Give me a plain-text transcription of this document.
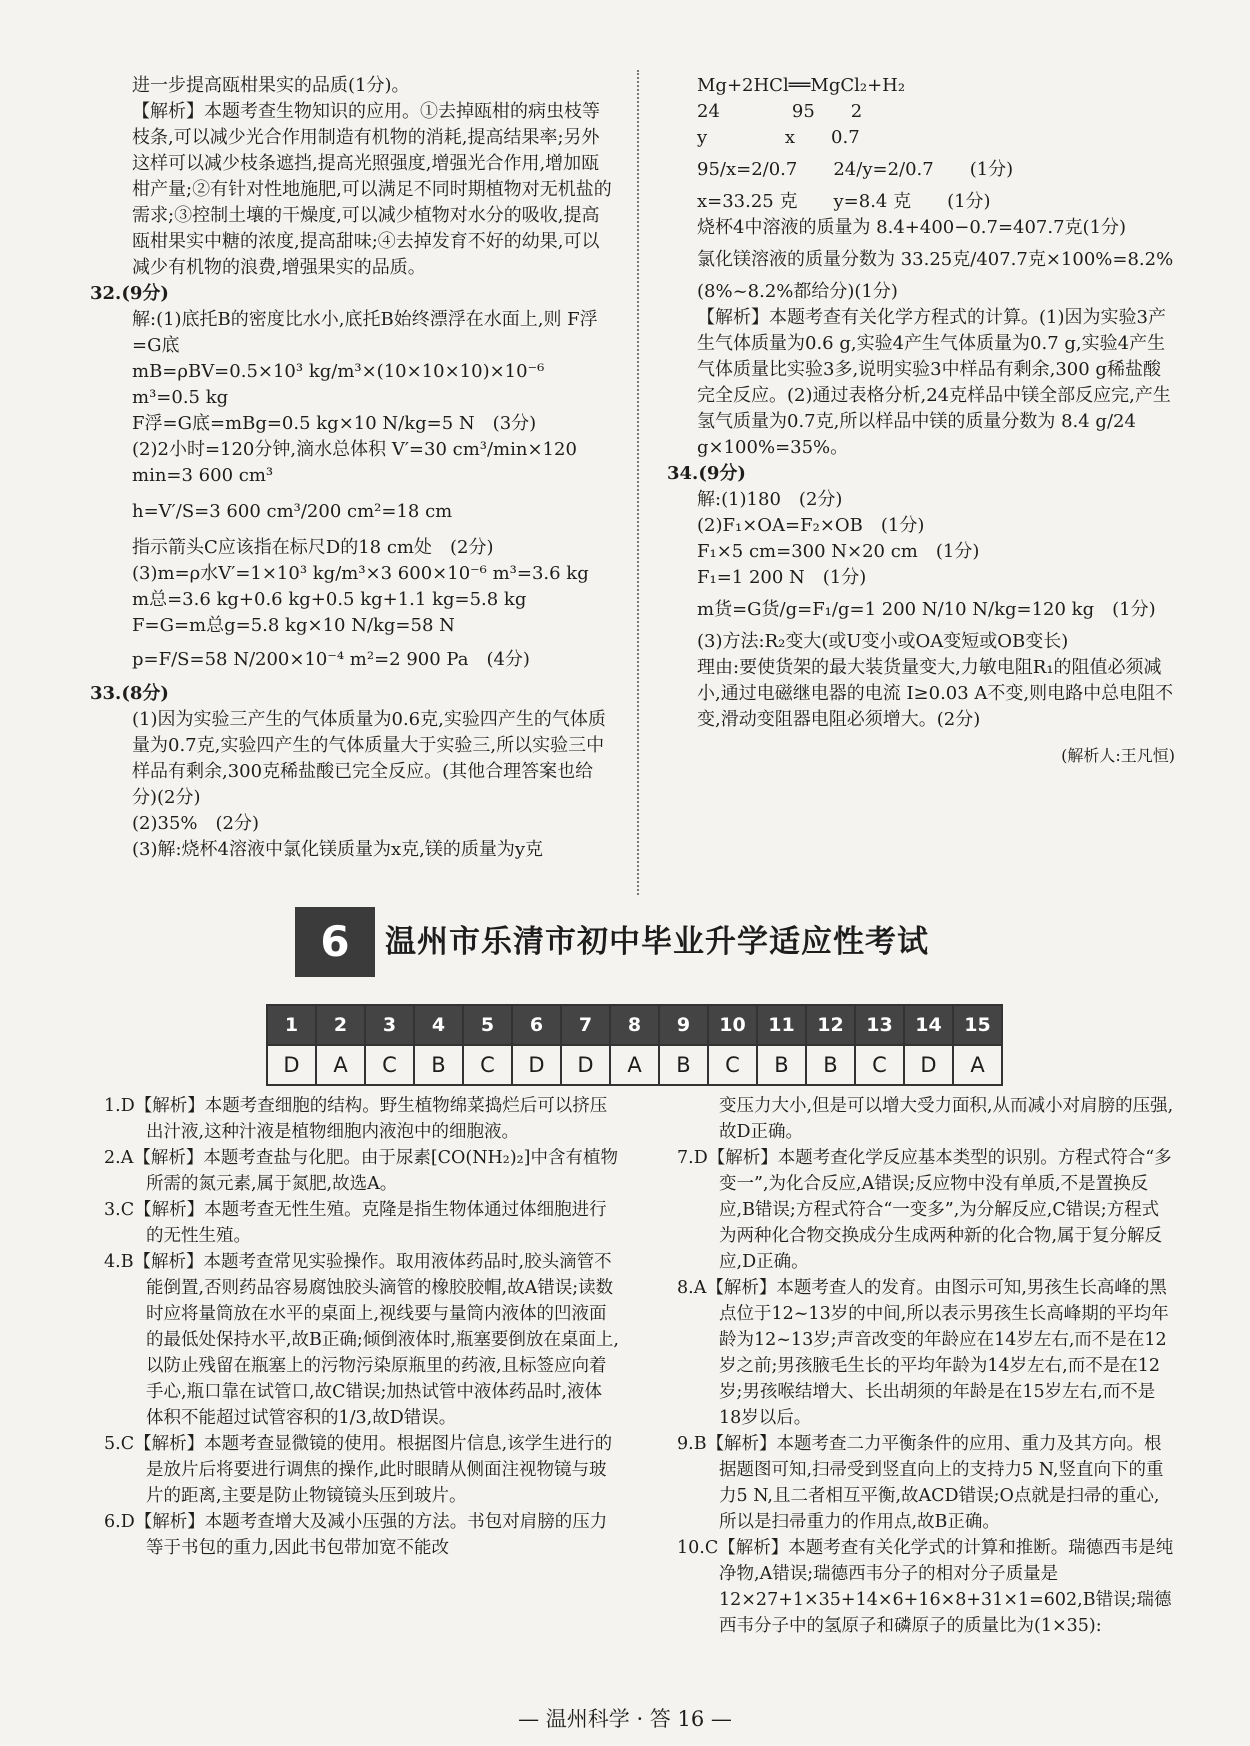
进一步提高瓯柑果实的品质(1分)。

【解析】本题考查生物知识的应用。①去掉瓯柑的病虫枝等枝条,可以减少光合作用制造有机物的消耗,提高结果率;另外这样可以减少枝条遮挡,提高光照强度,增强光合作用,增加瓯柑产量;②有针对性地施肥,可以满足不同时期植物对无机盐的需求;③控制土壤的干燥度,可以减少植物对水分的吸收,提高瓯柑果实中糖的浓度,提高甜味;④去掉发育不好的幼果,可以减少有机物的浪费,增强果实的品质。

32.(9分)

解:(1)底托B的密度比水小,底托B始终漂浮在水面上,则 F浮=G底

mB=ρBV=0.5×10³ kg/m³×(10×10×10)×10⁻⁶ m³=0.5 kg

F浮=G底=mBg=0.5 kg×10 N/kg=5 N　(3分)

(2)2小时=120分钟,滴水总体积 V′=30 cm³/min×120 min=3 600 cm³

h=V′/S=3 600 cm³/200 cm²=18 cm

指示箭头C应该指在标尺D的18 cm处　(2分)

(3)m=ρ水V′=1×10³ kg/m³×3 600×10⁻⁶ m³=3.6 kg

m总=3.6 kg+0.6 kg+0.5 kg+1.1 kg=5.8 kg

F=G=m总g=5.8 kg×10 N/kg=58 N

p=F/S=58 N/200×10⁻⁴ m²=2 900 Pa　(4分)

33.(8分)

(1)因为实验三产生的气体质量为0.6克,实验四产生的气体质量为0.7克,实验四产生的气体质量大于实验三,所以实验三中样品有剩余,300克稀盐酸已完全反应。(其他合理答案也给分)(2分)

(2)35%　(2分)

(3)解:烧杯4溶液中氯化镁质量为x克,镁的质量为y克

Mg+2HCl══MgCl₂+H₂

24　　　　95　　2

y　　　　 x　　0.7

95/x=2/0.7　　24/y=2/0.7　　(1分)

x=33.25 克　　y=8.4 克　　(1分)

烧杯4中溶液的质量为 8.4+400−0.7=407.7克(1分)

氯化镁溶液的质量分数为 33.25克/407.7克×100%=8.2%

(8%~8.2%都给分)(1分)

【解析】本题考查有关化学方程式的计算。(1)因为实验3产生气体质量为0.6 g,实验4产生气体质量为0.7 g,实验4产生气体质量比实验3多,说明实验3中样品有剩余,300 g稀盐酸完全反应。(2)通过表格分析,24克样品中镁全部反应完,产生氢气质量为0.7克,所以样品中镁的质量分数为 8.4 g/24 g×100%=35%。

34.(9分)

解:(1)180　(2分)

(2)F₁×OA=F₂×OB　(1分)

F₁×5 cm=300 N×20 cm　(1分)

F₁=1 200 N　(1分)

m货=G货/g=F₁/g=1 200 N/10 N/kg=120 kg　(1分)

(3)方法:R₂变大(或U变小或OA变短或OB变长)

理由:要使货架的最大装货量变大,力敏电阻R₁的阻值必须减小,通过电磁继电器的电流 I≥0.03 A不变,则电路中总电阻不变,滑动变阻器电阻必须增大。(2分)

(解析人:王凡恒)

6	温州市乐清市初中毕业升学适应性考试
1	2	3	4	5	6	7	8	9	10	11	12	13	14	15
D	A	C	B	C	D	D	A	B	C	B	B	C	D	A

1.D【解析】本题考查细胞的结构。野生植物绵菜捣烂后可以挤压出汁液,这种汁液是植物细胞内液泡中的细胞液。

2.A【解析】本题考查盐与化肥。由于尿素[CO(NH₂)₂]中含有植物所需的氮元素,属于氮肥,故选A。

3.C【解析】本题考查无性生殖。克隆是指生物体通过体细胞进行的无性生殖。

4.B【解析】本题考查常见实验操作。取用液体药品时,胶头滴管不能倒置,否则药品容易腐蚀胶头滴管的橡胶胶帽,故A错误;读数时应将量筒放在水平的桌面上,视线要与量筒内液体的凹液面的最低处保持水平,故B正确;倾倒液体时,瓶塞要倒放在桌面上,以防止残留在瓶塞上的污物污染原瓶里的药液,且标签应向着手心,瓶口靠在试管口,故C错误;加热试管中液体药品时,液体体积不能超过试管容积的1/3,故D错误。

5.C【解析】本题考查显微镜的使用。根据图片信息,该学生进行的是放片后将要进行调焦的操作,此时眼睛从侧面注视物镜与玻片的距离,主要是防止物镜镜头压到玻片。

6.D【解析】本题考查增大及减小压强的方法。书包对肩膀的压力等于书包的重力,因此书包带加宽不能改

变压力大小,但是可以增大受力面积,从而减小对肩膀的压强,故D正确。

7.D【解析】本题考查化学反应基本类型的识别。方程式符合“多变一”,为化合反应,A错误;反应物中没有单质,不是置换反应,B错误;方程式符合“一变多”,为分解反应,C错误;方程式为两种化合物交换成分生成两种新的化合物,属于复分解反应,D正确。

8.A【解析】本题考查人的发育。由图示可知,男孩生长高峰的黑点位于12~13岁的中间,所以表示男孩生长高峰期的平均年龄为12~13岁;声音改变的年龄应在14岁左右,而不是在12岁之前;男孩腋毛生长的平均年龄为14岁左右,而不是在12岁;男孩喉结增大、长出胡须的年龄是在15岁左右,而不是18岁以后。

9.B【解析】本题考查二力平衡条件的应用、重力及其方向。根据题图可知,扫帚受到竖直向上的支持力5 N,竖直向下的重力5 N,且二者相互平衡,故ACD错误;O点就是扫帚的重心,所以是扫帚重力的作用点,故B正确。

10.C【解析】本题考查有关化学式的计算和推断。瑞德西韦是纯净物,A错误;瑞德西韦分子的相对分子质量是12×27+1×35+14×6+16×8+31×1=602,B错误;瑞德西韦分子中的氢原子和磷原子的质量比为(1×35):

— 温州科学 · 答 16 —
